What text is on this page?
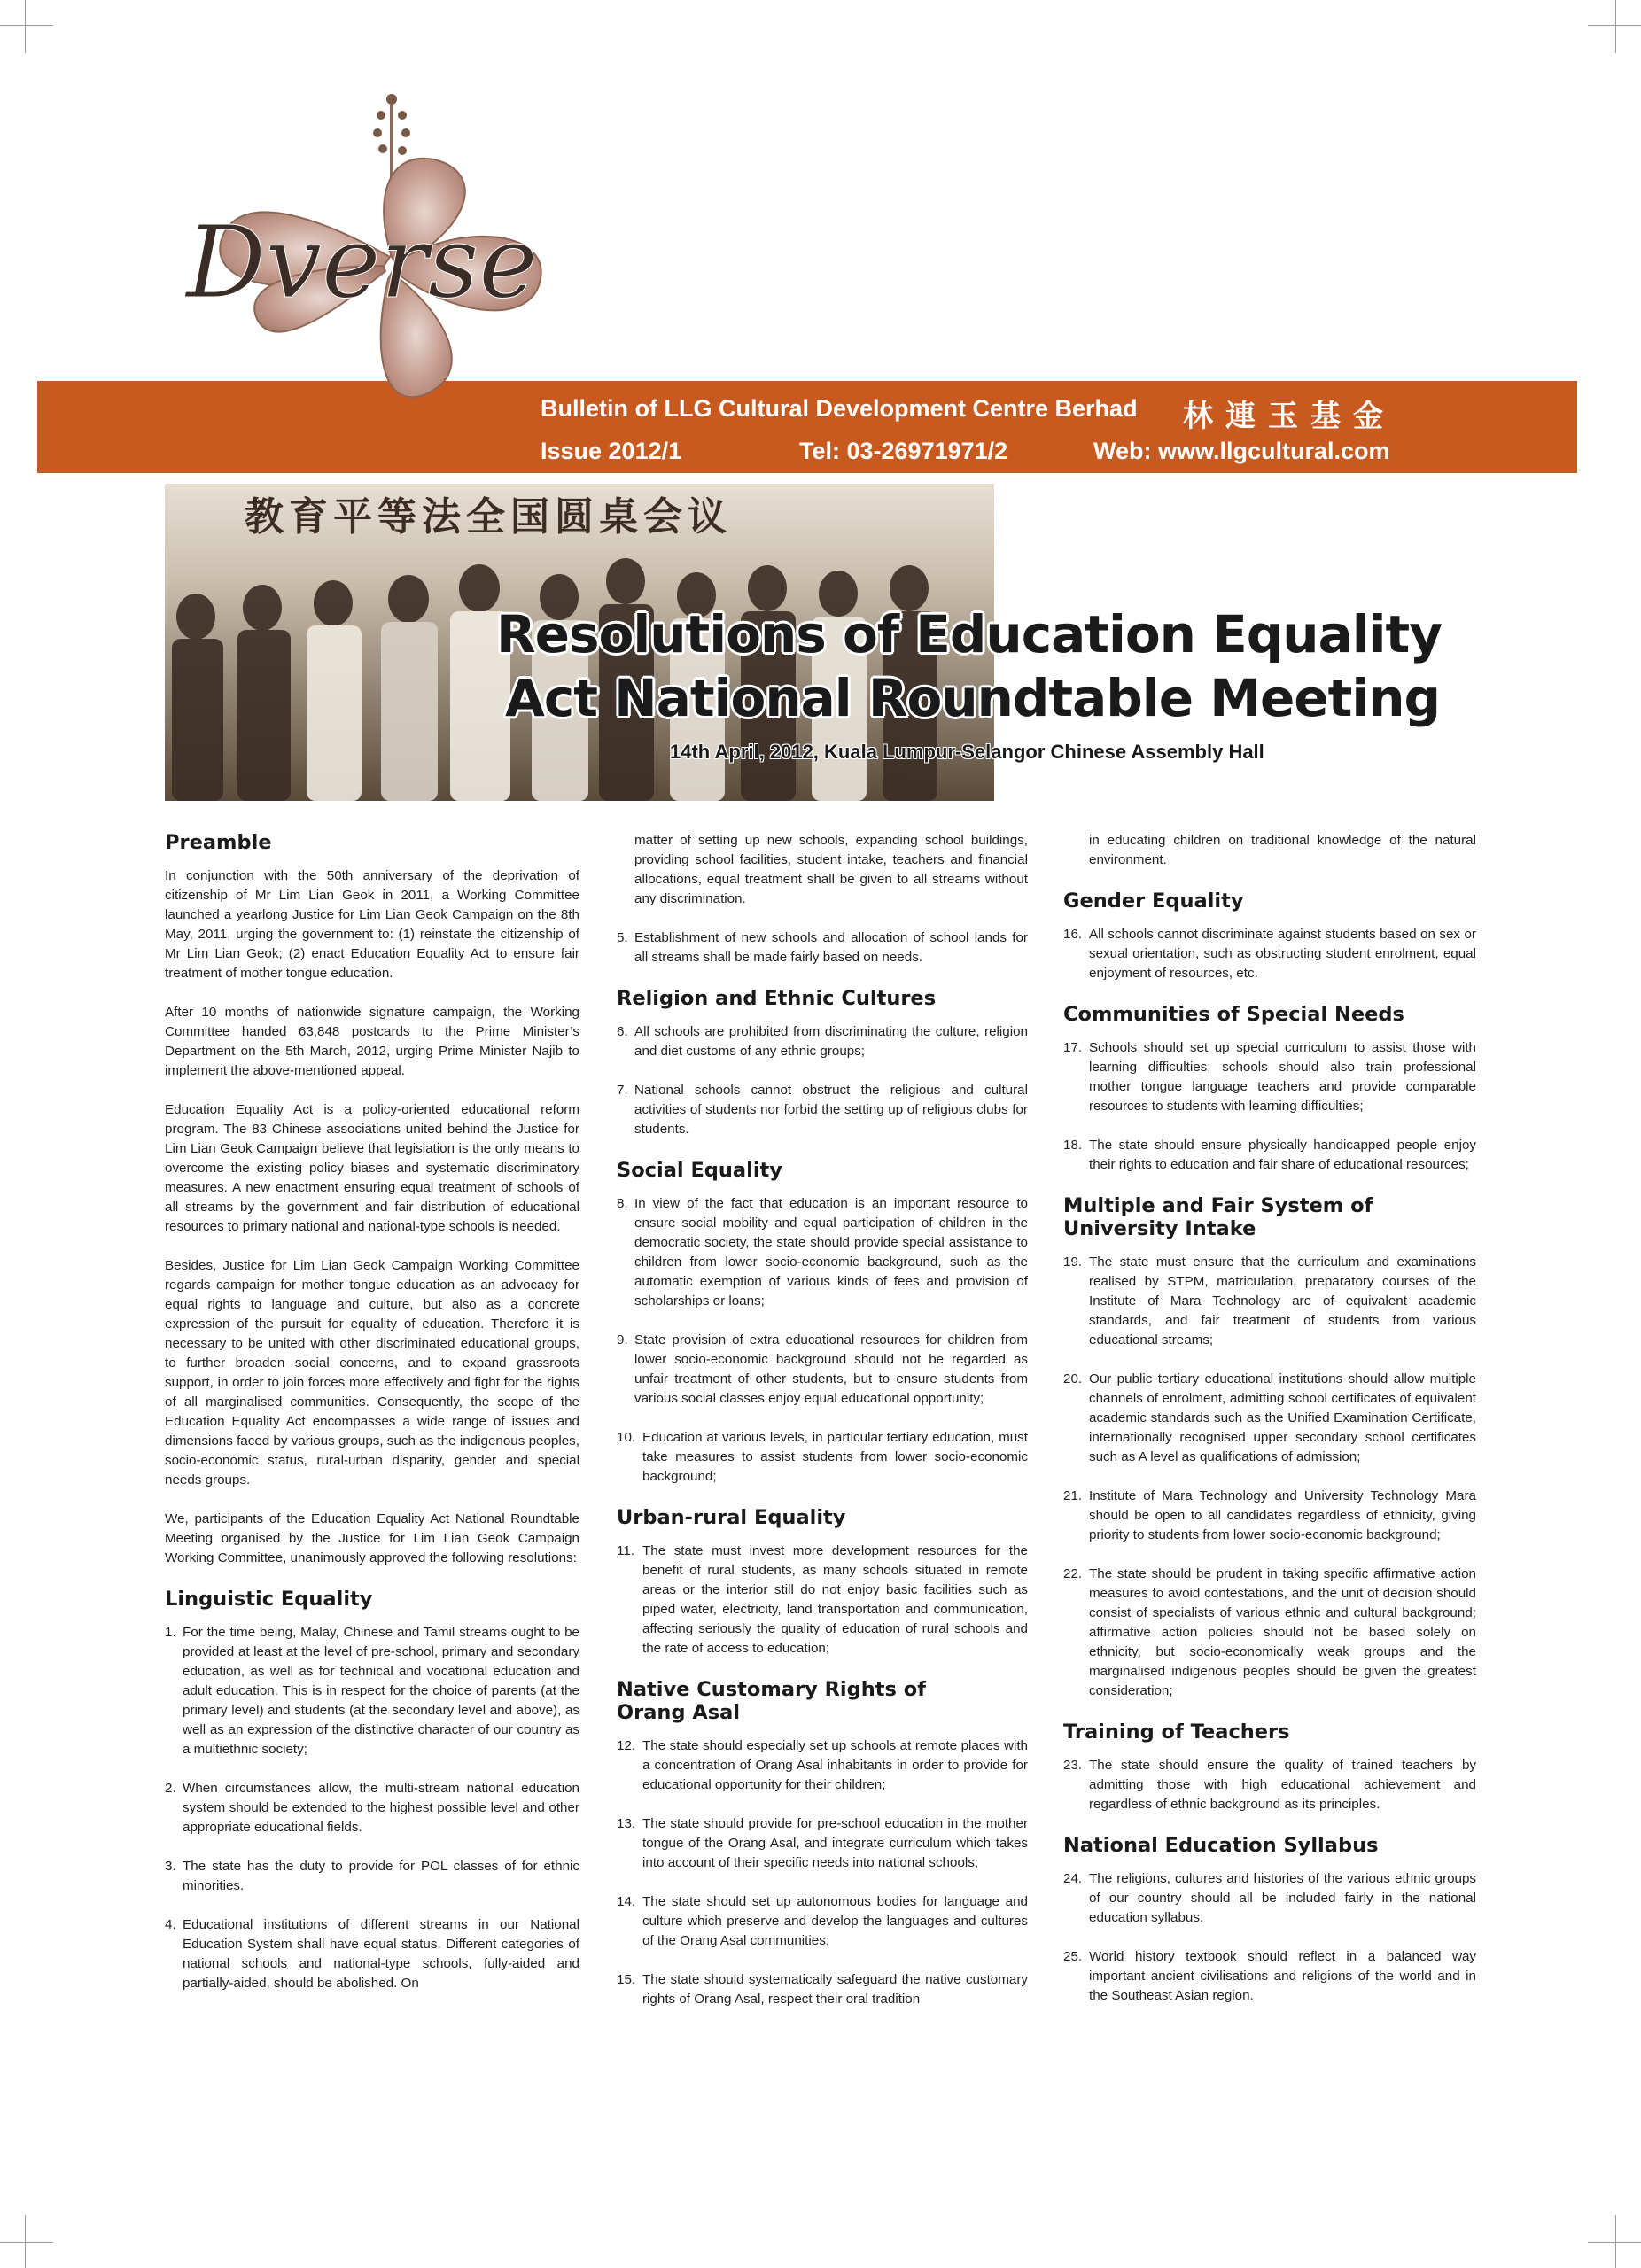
Bulletin of LLG Cultural Development Centre Berhad 林連玉基金
Issue 2012/1	Tel: 03-26971971/2	Web: www.llgcultural.com
Dverse
教育平等法全国圆桌会议
Resolutions of Education Equality
Act National Roundtable Meeting
14th April, 2012, Kuala Lumpur-Selangor Chinese Assembly Hall
Preamble

In conjunction with the 50th anniversary of the deprivation of citizenship of Mr Lim Lian Geok in 2011, a Working Committee launched a yearlong Justice for Lim Lian Geok Campaign on the 8th May, 2011, urging the government to: (1) reinstate the citizenship of Mr Lim Lian Geok; (2) enact Education Equality Act to ensure fair treatment of mother tongue education.

After 10 months of nationwide signature campaign, the Working Committee handed 63,848 postcards to the Prime Minister’s Department on the 5th March, 2012, urging Prime Minister Najib to implement the above-mentioned appeal.

Education Equality Act is a policy-oriented educational reform program. The 83 Chinese associations united behind the Justice for Lim Lian Geok Campaign believe that legislation is the only means to overcome the existing policy biases and systematic discriminatory measures. A new enactment ensuring equal treatment of schools of all streams by the government and fair distribution of educational resources to primary national and national-type schools is needed.

Besides, Justice for Lim Lian Geok Campaign Working Committee regards campaign for mother tongue education as an advocacy for equal rights to language and culture, but also as a concrete expression of the pursuit for equality of education. Therefore it is necessary to be united with other discriminated educational groups, to further broaden social concerns, and to expand grassroots support, in order to join forces more effectively and fight for the rights of all marginalised communities. Consequently, the scope of the Education Equality Act encompasses a wide range of issues and dimensions faced by various groups, such as the indigenous peoples, socio-economic status, rural-urban disparity, gender and special needs groups.

We, participants of the Education Equality Act National Roundtable Meeting organised by the Justice for Lim Lian Geok Campaign Working Committee, unanimously approved the following resolutions:

Linguistic Equality
1. For the time being, Malay, Chinese and Tamil streams ought to be provided at least at the level of pre-school, primary and secondary education, as well as for technical and vocational education and adult education. This is in respect for the choice of parents (at the primary level) and students (at the secondary level and above), as well as an expression of the distinctive character of our country as a multiethnic society;
2. When circumstances allow, the multi-stream national education system should be extended to the highest possible level and other appropriate educational fields.
3. The state has the duty to provide for POL classes of for ethnic minorities.
4. Educational institutions of different streams in our National Education System shall have equal status. Different categories of national schools and national-type schools, fully-aided and partially-aided, should be abolished. On
matter of setting up new schools, expanding school buildings, providing school facilities, student intake, teachers and financial allocations, equal treatment shall be given to all streams without any discrimination.
5. Establishment of new schools and allocation of school lands for all streams shall be made fairly based on needs.
Religion and Ethnic Cultures
6. All schools are prohibited from discriminating the culture, religion and diet customs of any ethnic groups;
7. National schools cannot obstruct the religious and cultural activities of students nor forbid the setting up of religious clubs for students.
Social Equality
8. In view of the fact that education is an important resource to ensure social mobility and equal participation of children in the democratic society, the state should provide special assistance to children from lower socio-economic background, such as the automatic exemption of various kinds of fees and provision of scholarships or loans;
9. State provision of extra educational resources for children from lower socio-economic background should not be regarded as unfair treatment of other students, but to ensure students from various social classes enjoy equal educational opportunity;
10. Education at various levels, in particular tertiary education, must take measures to assist students from lower socio-economic background;
Urban-rural Equality
11. The state must invest more development resources for the benefit of rural students, as many schools situated in remote areas or the interior still do not enjoy basic facilities such as piped water, electricity, land transportation and communication, affecting seriously the quality of education of rural schools and the rate of access to education;
Native Customary Rights of
Orang Asal
12. The state should especially set up schools at remote places with a concentration of Orang Asal inhabitants in order to provide for educational opportunity for their children;
13. The state should provide for pre-school education in the mother tongue of the Orang Asal, and integrate curriculum which takes into account of their specific needs into national schools;
14. The state should set up autonomous bodies for language and culture which preserve and develop the languages and cultures of the Orang Asal communities;
15. The state should systematically safeguard the native customary rights of Orang Asal, respect their oral tradition
in educating children on traditional knowledge of the natural environment.
Gender Equality
16. All schools cannot discriminate against students based on sex or sexual orientation, such as obstructing student enrolment, equal enjoyment of resources, etc.
Communities of Special Needs
17. Schools should set up special curriculum to assist those with learning difficulties; schools should also train professional mother tongue language teachers and provide comparable resources to students with learning difficulties;
18. The state should ensure physically handicapped people enjoy their rights to education and fair share of educational resources;
Multiple and Fair System of
University Intake
19. The state must ensure that the curriculum and examinations realised by STPM, matriculation, preparatory courses of the Institute of Mara Technology are of equivalent academic standards, and fair treatment of students from various educational streams;
20. Our public tertiary educational institutions should allow multiple channels of enrolment, admitting school certificates of equivalent academic standards such as the Unified Examination Certificate, internationally recognised upper secondary school certificates such as A level as qualifications of admission;
21. Institute of Mara Technology and University Technology Mara should be open to all candidates regardless of ethnicity, giving priority to students from lower socio-economic background;
22. The state should be prudent in taking specific affirmative action measures to avoid contestations, and the unit of decision should consist of specialists of various ethnic and cultural background; affirmative action policies should not be based solely on ethnicity, but socio-economically weak groups and the marginalised indigenous peoples should be given the greatest consideration;
Training of Teachers
23. The state should ensure the quality of trained teachers by admitting those with high educational achievement and regardless of ethnic background as its principles.
National Education Syllabus
24. The religions, cultures and histories of the various ethnic groups of our country should all be included fairly in the national education syllabus.
25. World history textbook should reflect in a balanced way important ancient civilisations and religions of the world and in the Southeast Asian region.
